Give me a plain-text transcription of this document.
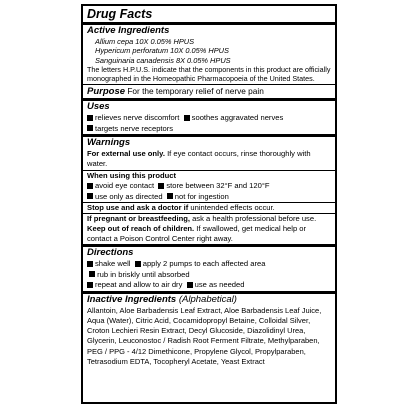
Drug Facts
Active Ingredients
Allium cepa 10X 0.05% HPUS
Hypericum perforatum 10X 0.05% HPUS
Sanguinaria canadensis 8X 0.05% HPUS
The letters H.P.U.S. indicate that the components in this product are officially monographed in the Homeopathic Pharmacopoeia of the United States.
Purpose For the temporary relief of nerve pain
Uses
relieves nerve discomfort soothes aggravated nerves
targets nerve receptors
Warnings
For external use only. If eye contact occurs, rinse thoroughly with water.
When using this product
avoid eye contact store between 32°F and 120°F
use only as directed not for ingestion
Stop use and ask a doctor if unintended effects occur.
If pregnant or breastfeeding, ask a health professional before use.
Keep out of reach of children. If swallowed, get medical help or contact a Poison Control Center right away.
Directions
shake well apply 2 pumps to each affected area  rub in briskly until absorbed
repeat and allow to air dry use as needed
Inactive Ingredients (Alphabetical)
Allantoin, Aloe Barbadensis Leaf Extract, Aloe Barbadensis Leaf Juice, Aqua (Water), Citric Acid, Cocamidopropyl Betaine, Colloidal Silver, Croton Lechieri Resin Extract, Decyl Glucoside, Diazolidinyl Urea, Glycerin, Leuconostoc / Radish Root Ferment Filtrate, Methylparaben, PEG / PPG - 4/12 Dimethicone, Propylene Glycol, Propylparaben, Tetrasodium EDTA, Tocopheryl Acetate, Yeast Extract
